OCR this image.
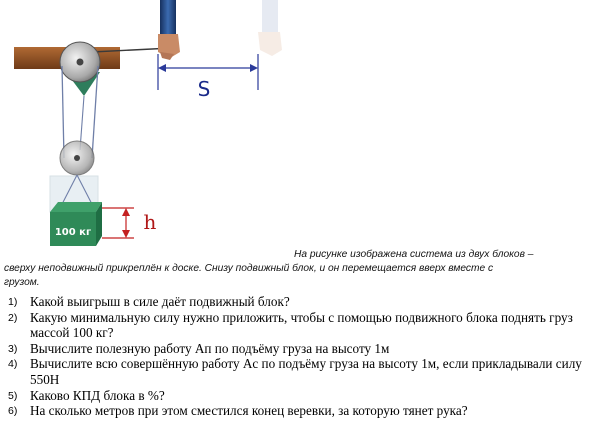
100 кг
S
h
На рисунке изображена система из двух блоков –
сверху неподвижный прикреплён к доске. Снизу подвижный блок, и он перемещается вверх вместе с
грузом.
1) Какой выигрыш в силе даёт подвижный блок?
2) Какую минимальную силу нужно приложить, чтобы с помощью подвижного блока поднять груз массой 100 кг?
3) Вычислите полезную работу Aп по подъёму груза на высоту 1м
4) Вычислите всю совершённую работу Ac по подъёму груза на высоту 1м, если прикладывали силу 550Н
5) Каково КПД блока в %?
6) На сколько метров при этом сместился конец веревки, за которую тянет рука?
